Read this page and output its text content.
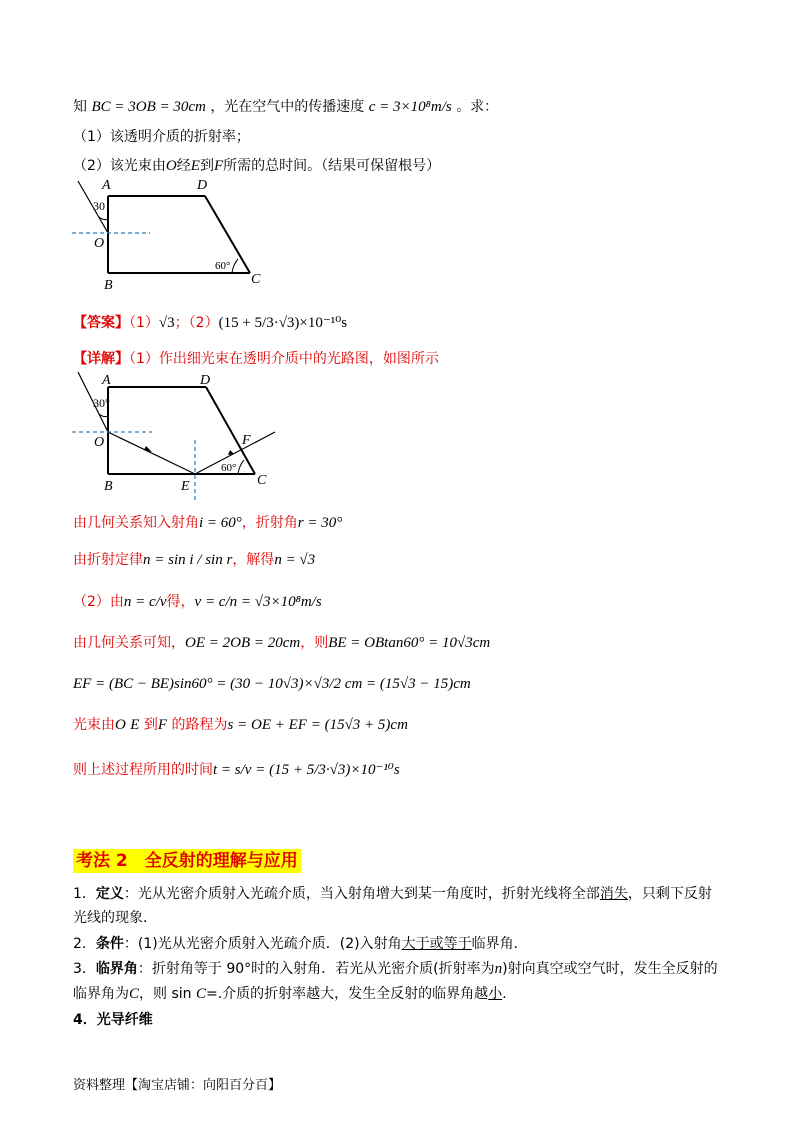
知 BC = 3OB = 30cm ，光在空气中的传播速度 c = 3×10⁸m/s 。求：
（1）该透明介质的折射率；
（2）该光束由O经E到F所需的总时间。（结果可保留根号）
A	D
O
B	C
30
60°
【答案】（1）√3；（2）(15 + 5/3·√3)×10⁻¹⁰s
【详解】（1）作出细光束在透明介质中的光路图，如图所示
A	D
O
B	E	C
F
30°
60°
由几何关系知入射角i = 60°，折射角r = 30°
由折射定律n = sin i / sin r，解得n = √3
（2）由n = c/v得，v = c/n = √3×10⁸m/s
由几何关系可知，OE = 2OB = 20cm，则BE = OBtan60° = 10√3cm
EF = (BC − BE)sin60° = (30 − 10√3)×√3/2 cm = (15√3 − 15)cm
光束由O E 到F 的路程为s = OE + EF = (15√3 + 5)cm
则上述过程所用的时间t = s/v = (15 + 5/3·√3)×10⁻¹⁰s
考法 2　全反射的理解与应用
1．定义：光从光密介质射入光疏介质，当入射角增大到某一角度时，折射光线将全部消失，只剩下反射
光线的现象．
2．条件：(1)光从光密介质射入光疏介质．(2)入射角大于或等于临界角．
3．临界角：折射角等于 90°时的入射角．若光从光密介质(折射率为n)射向真空或空气时，发生全反射的
临界角为C，则 sin C=.介质的折射率越大，发生全反射的临界角越小．
4．光导纤维
资料整理【淘宝店铺：向阳百分百】
